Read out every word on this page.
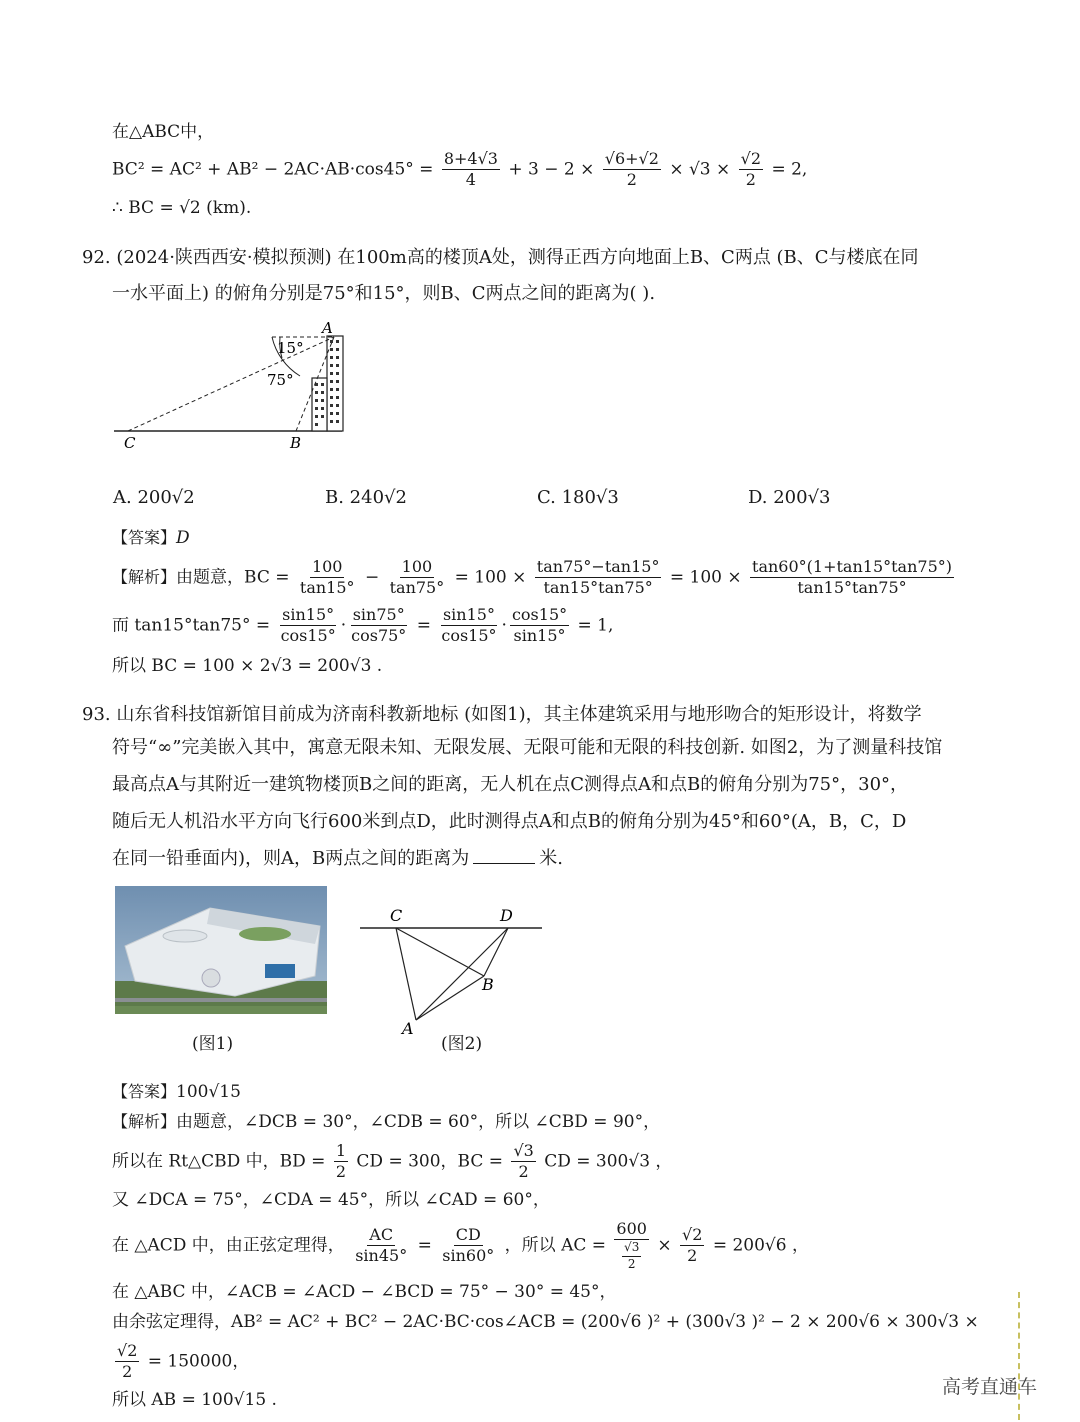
在△ABC中，
$BC^2 = AC^2 + AB^2 - 2AC\cdot AB\cdot\cos 45^\circ = \frac{8+4√3}{4} + 3 - 2 \times \frac{√6+√2}{2} \times √3 \times \frac{√2}{2} = 2$,
∴ BC = √2 (km).
92. (2024·陕西西安·模拟预测) 在100m高的楼顶A处，测得正西方向地面上B、C两点 (B、C与楼底在同
一水平面上) 的俯角分别是75°和15°，则B、C两点之间的距离为( ).
A
15°
75°
C	B
A. 200√2	B. 240√2	C. 180√3	D. 200√3
【答案】D
【解析】由题意，BC = $\frac{100}{\tan 15^\circ} - \frac{100}{\tan 75^\circ} = 100 \times \frac{\tan 75^\circ-\tan 15^\circ}{\tan 15^\circ\tan 75^\circ} = 100 \times \frac{\tan 60^\circ(1+\tan 15^\circ\tan 75^\circ)}{\tan 15^\circ\tan 75^\circ}$
而 $\tan 15^\circ\tan 75^\circ = \frac{\sin 15^\circ}{\cos 15^\circ} \cdot \frac{\sin 75^\circ}{\cos 75^\circ} = \frac{\sin 15^\circ}{\cos 15^\circ} \cdot \frac{\cos 15^\circ}{\sin 15^\circ} = 1$,
所以 BC = 100 × 2√3 = 200√3 .
93. 山东省科技馆新馆目前成为济南科教新地标 (如图1)，其主体建筑采用与地形吻合的矩形设计，将数学
符号“∞”完美嵌入其中，寓意无限未知、无限发展、无限可能和无限的科技创新. 如图2，为了测量科技馆
最高点A与其附近一建筑物楼顶B之间的距离，无人机在点C测得点A和点B的俯角分别为75°，30°，
随后无人机沿水平方向飞行600米到点D，此时测得点A和点B的俯角分别为45°和60°(A，B，C，D
在同一铅垂面内)，则A，B两点之间的距离为	米.
(图1)
C	D
B
A
(图2)
【答案】100√15
【解析】由题意，∠DCB = 30°，∠CDB = 60°，所以 ∠CBD = 90°，
所以在 Rt△CBD 中，BD = $\frac{1}{2}$ CD = 300，BC = $\frac{√3}{2}$ CD = 300√3 ，
又 ∠DCA = 75°，∠CDA = 45°，所以 ∠CAD = 60°，
在 △ACD 中，由正弦定理得， $\frac{AC}{\sin 45^\circ} = \frac{CD}{\sin 60^\circ}$ ，所以 AC = $\frac{600}{\frac{√3}{2}} \times \frac{√2}{2} = 200√6$ ，
在 △ABC 中，∠ACB = ∠ACD − ∠BCD = 75° − 30° = 45°，
由余弦定理得，AB² = AC² + BC² − 2AC·BC·cos∠ACB = (200√6 )² + (300√3 )² − 2 × 200√6 × 300√3 ×
$\frac{√2}{2} = 150000$，
所以 AB = 100√15 .
高考直通车
